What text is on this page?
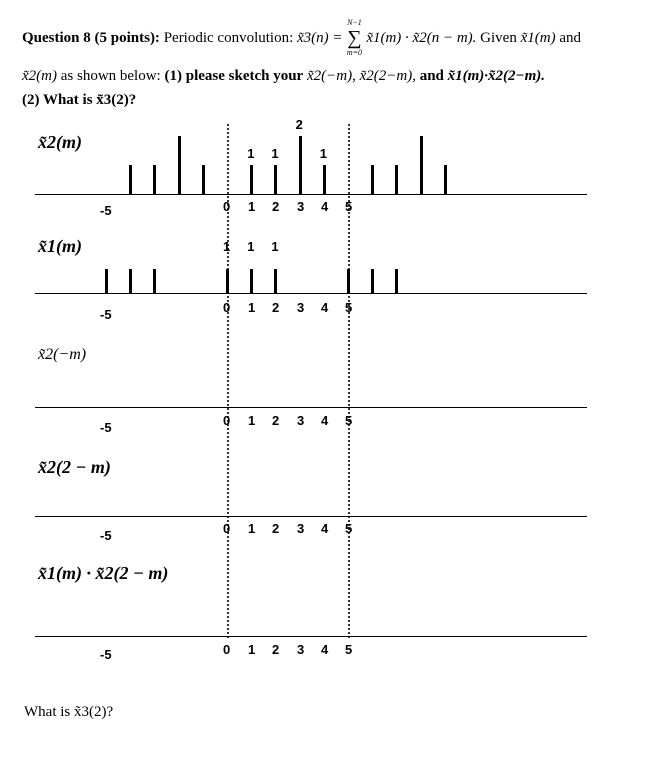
Question 8 (5 points): Periodic convolution: x̃3(n) = ∑
N−1
m=0
x̃1(m) · x̃2(n − m). Given x̃1(m) and
x̃2(m) as shown below: (1) please sketch your x̃2(−m), x̃2(2−m), and x̃1(m)·x̃2(2−m).
(2) What is x̃3(2)?
x̃2(m)
1 1
2
1
-5	0 1 2 3 4 5
x̃1(m)	1 1 1
-5	0 1 2 3 4 5
x̃2(−m)
-5	0 1 2 3 4 5
x̃2(2 − m)
-5	0 1 2 3 4 5
x̃1(m) · x̃2(2 − m)
-5	0 1 2 3 4 5
What is x̃3(2)?
